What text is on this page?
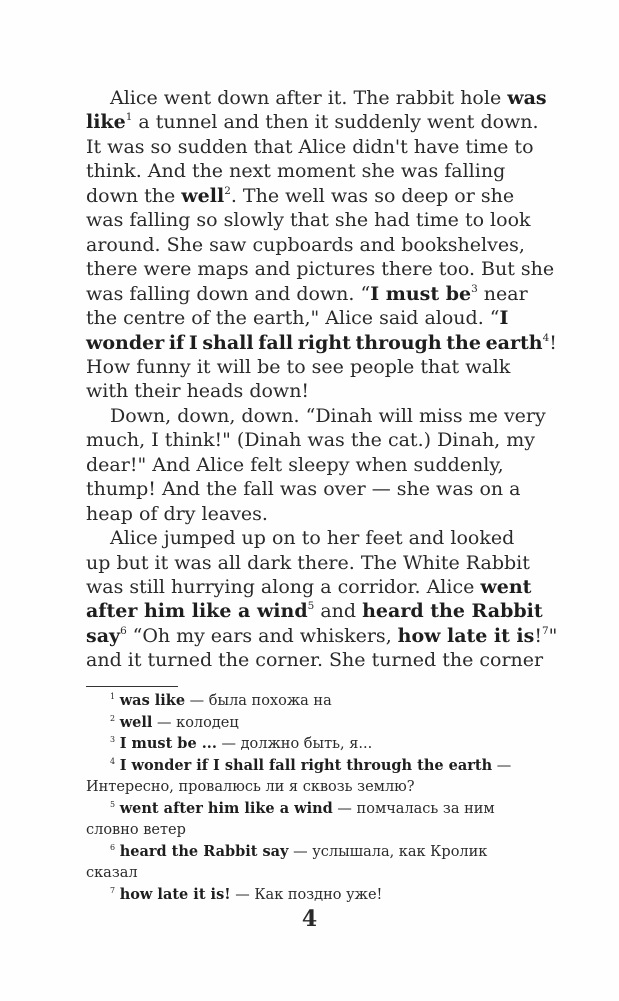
Alice went down after it. The rabbit hole was
like$^1$ a tunnel and then it suddenly went down.
It was so sudden that Alice didn't have time to
think. And the next moment she was falling
down the well$^2$. The well was so deep or she
was falling so slowly that she had time to look
around. She saw cupboards and bookshelves,
there were maps and pictures there too. But she
was falling down and down. “I must $be^3$ near
the centre of the earth," Alice said aloud. “I
wonder if I shall fall right through the earth$^4$!
How funny it will be to see people that walk
with their heads down!
Down, down, down. “Dinah will miss me very
much, I think!" (Dinah was the cat.) Dinah, my
dear!" And Alice felt sleepy when suddenly,
thump! And the fall was over — she was on a
heap of dry leaves.
Alice jumped up on to her feet and looked
up but it was all dark there. The White Rabbit
was still hurrying along a corridor. Alice went
after him like a wind$^5$ and heard the Rabbit
say$^6$ “Oh my ears and whiskers, how late it is!$^7$"
and it turned the corner. She turned the corner
$^1$ was like — была похожа на
$^2$ well — колодец
$^3$ I must be ... — должно быть, я...
$^4$ I wonder if I shall fall right through the earth —
Интересно, провалюсь ли я сквозь землю?
$^5$ went after him like a wind — помчалась за ним
словно ветер
$^6$ heard the Rabbit say — услышала, как Кролик
сказал
$^7$ how late it is! — Как поздно уже!
4
